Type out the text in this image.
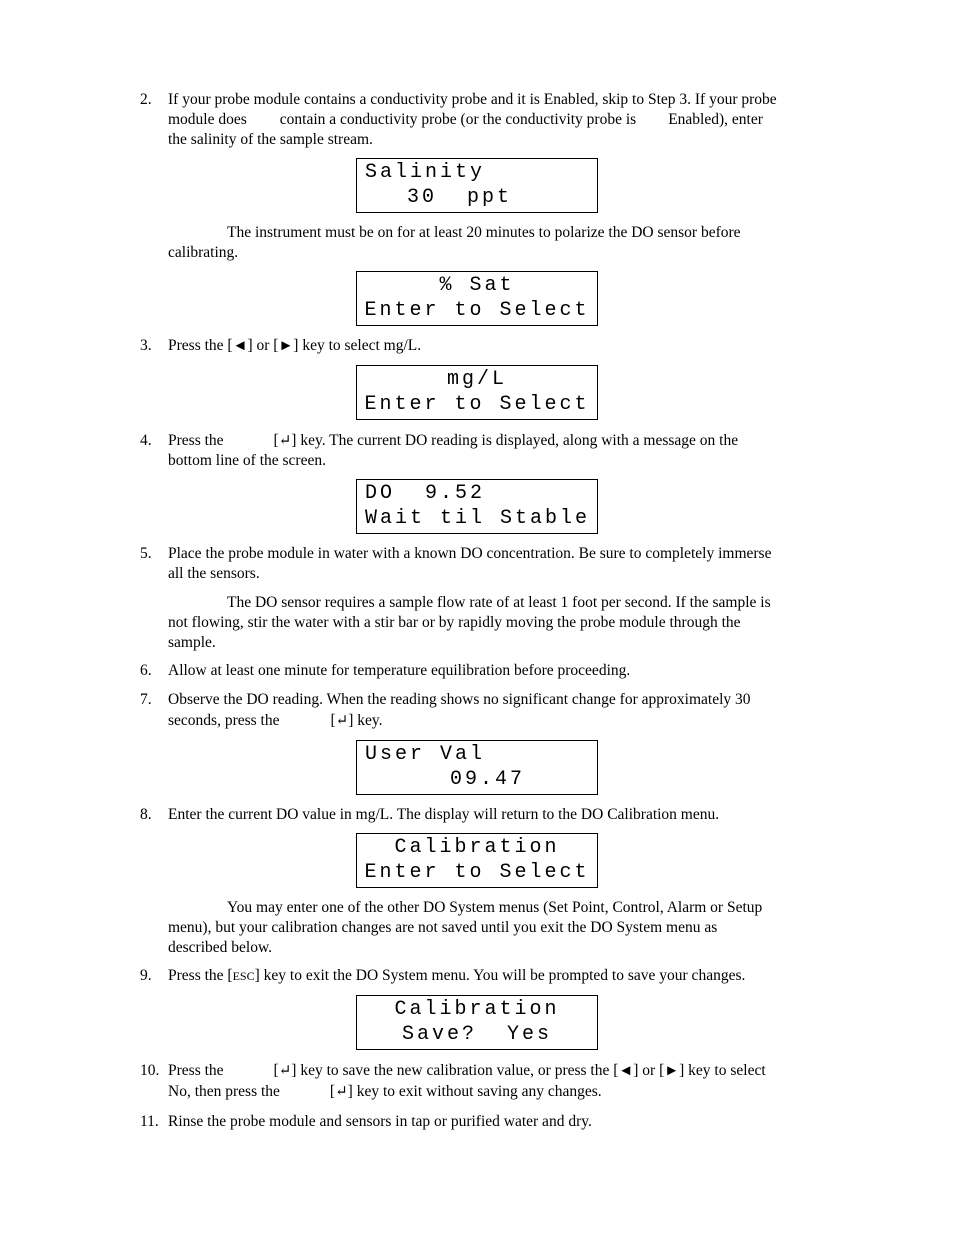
2.	If your probe module contains a conductivity probe and it is Enabled, skip to Step 3. If your probe
module does contain a conductivity probe (or the conductivity probe is Enabled), enter
the salinity of the sample stream.
Salinity
30  ppt
The instrument must be on for at least 20 minutes to polarize the DO sensor before
calibrating.
% Sat
Enter to Select
3.	Press the [◄] or [►] key to select mg/L.
mg/L
Enter to Select
4.	Press the	[↵] key. The current DO reading is displayed, along with a message on the
bottom line of the screen.
DO  9.52
Wait til Stable
5.	Place the probe module in water with a known DO concentration. Be sure to completely immerse
all the sensors.
The DO sensor requires a sample flow rate of at least 1 foot per second. If the sample is
not flowing, stir the water with a stir bar or by rapidly moving the probe module through the
sample.
6.	Allow at least one minute for temperature equilibration before proceeding.
7.	Observe the DO reading. When the reading shows no significant change for approximately 30
seconds, press the	[↵] key.
User Val
09.47
8.	Enter the current DO value in mg/L. The display will return to the DO Calibration menu.
Calibration
Enter to Select
You may enter one of the other DO System menus (Set Point, Control, Alarm or Setup
menu), but your calibration changes are not saved until you exit the DO System menu as
described below.
9.	Press the [ESC] key to exit the DO System menu. You will be prompted to save your changes.
Calibration
Save?  Yes
10. Press the	[↵] key to save the new calibration value, or press the [◄] or [►] key to select
No, then press the	[↵] key to exit without saving any changes.
11. Rinse the probe module and sensors in tap or purified water and dry.
